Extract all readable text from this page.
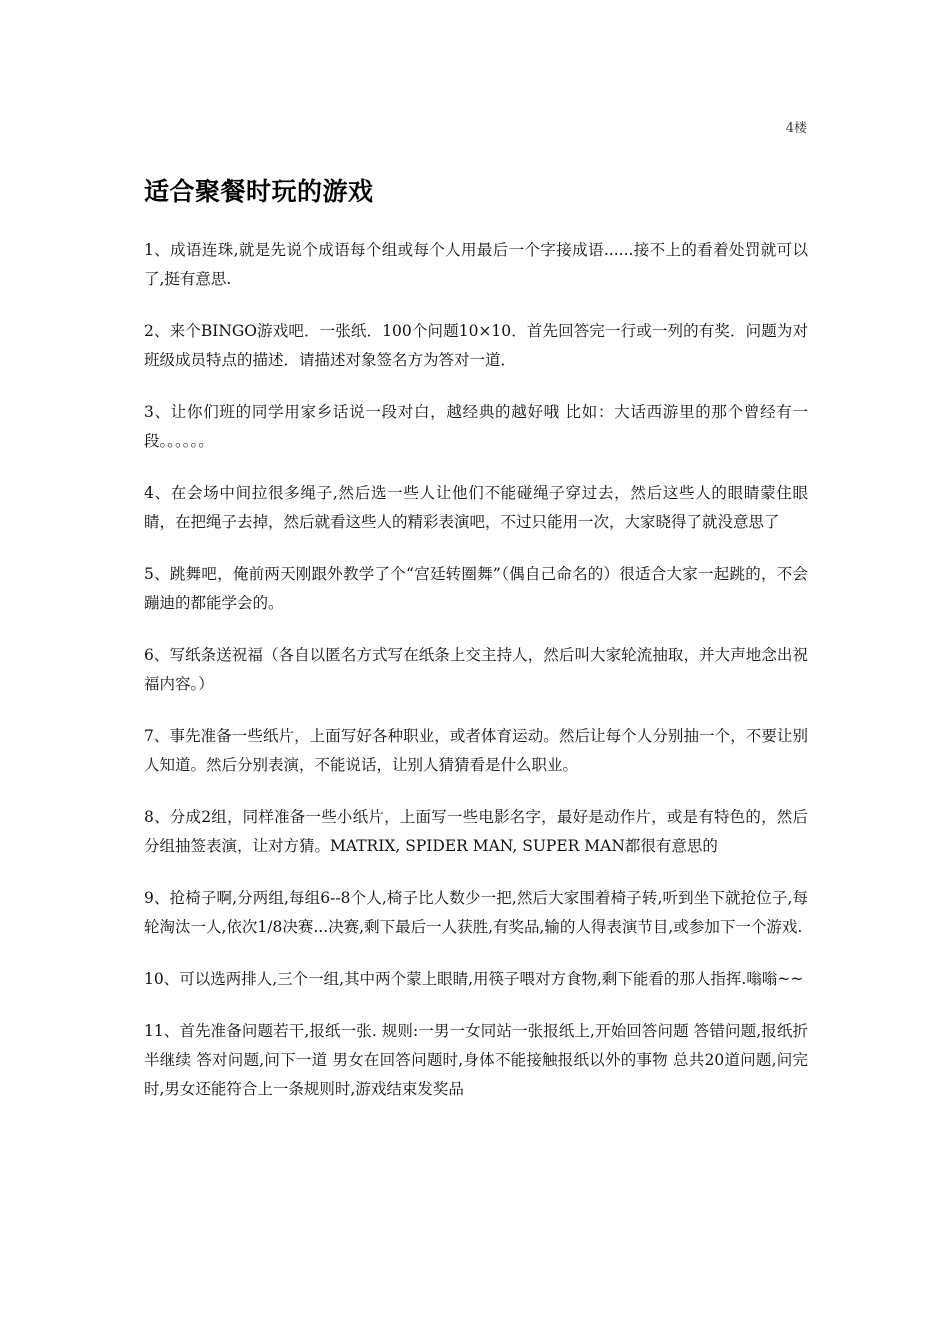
4楼
适合聚餐时玩的游戏

1、成语连珠,就是先说个成语每个组或每个人用最后一个字接成语......接不上的看着处罚就可以了,挺有意思.

2、来个BINGO游戏吧．一张纸．100个问题10×10．首先回答完一行或一列的有奖．问题为对班级成员特点的描述．请描述对象签名方为答对一道．

3、让你们班的同学用家乡话说一段对白，越经典的越好哦 比如：大话西游里的那个曾经有一段。。。。。。

4、在会场中间拉很多绳子,然后选一些人让他们不能碰绳子穿过去，然后这些人的眼睛蒙住眼睛，在把绳子去掉，然后就看这些人的精彩表演吧，不过只能用一次，大家晓得了就没意思了

5、跳舞吧，俺前两天刚跟外教学了个“宫廷转圈舞”（偶自己命名的）很适合大家一起跳的，不会蹦迪的都能学会的。

6、写纸条送祝福（各自以匿名方式写在纸条上交主持人，然后叫大家轮流抽取，并大声地念出祝福内容。）

7、事先准备一些纸片，上面写好各种职业，或者体育运动。然后让每个人分别抽一个，不要让别人知道。然后分别表演，不能说话，让别人猜猜看是什么职业。

8、分成2组，同样准备一些小纸片，上面写一些电影名字，最好是动作片，或是有特色的，然后分组抽签表演，让对方猜。MATRIX, SPIDER MAN, SUPER MAN都很有意思的

9、抢椅子啊,分两组,每组6--8个人,椅子比人数少一把,然后大家围着椅子转,听到坐下就抢位子,每轮淘汰一人,依次1/8决赛...决赛,剩下最后一人获胜,有奖品,输的人得表演节目,或参加下一个游戏.

10、可以选两排人,三个一组,其中两个蒙上眼睛,用筷子喂对方食物,剩下能看的那人指挥.嗡嗡~~

11、首先准备问题若干,报纸一张. 规则:一男一女同站一张报纸上,开始回答问题 答错问题,报纸折半继续 答对问题,问下一道 男女在回答问题时,身体不能接触报纸以外的事物 总共20道问题,问完时,男女还能符合上一条规则时,游戏结束发奖品
